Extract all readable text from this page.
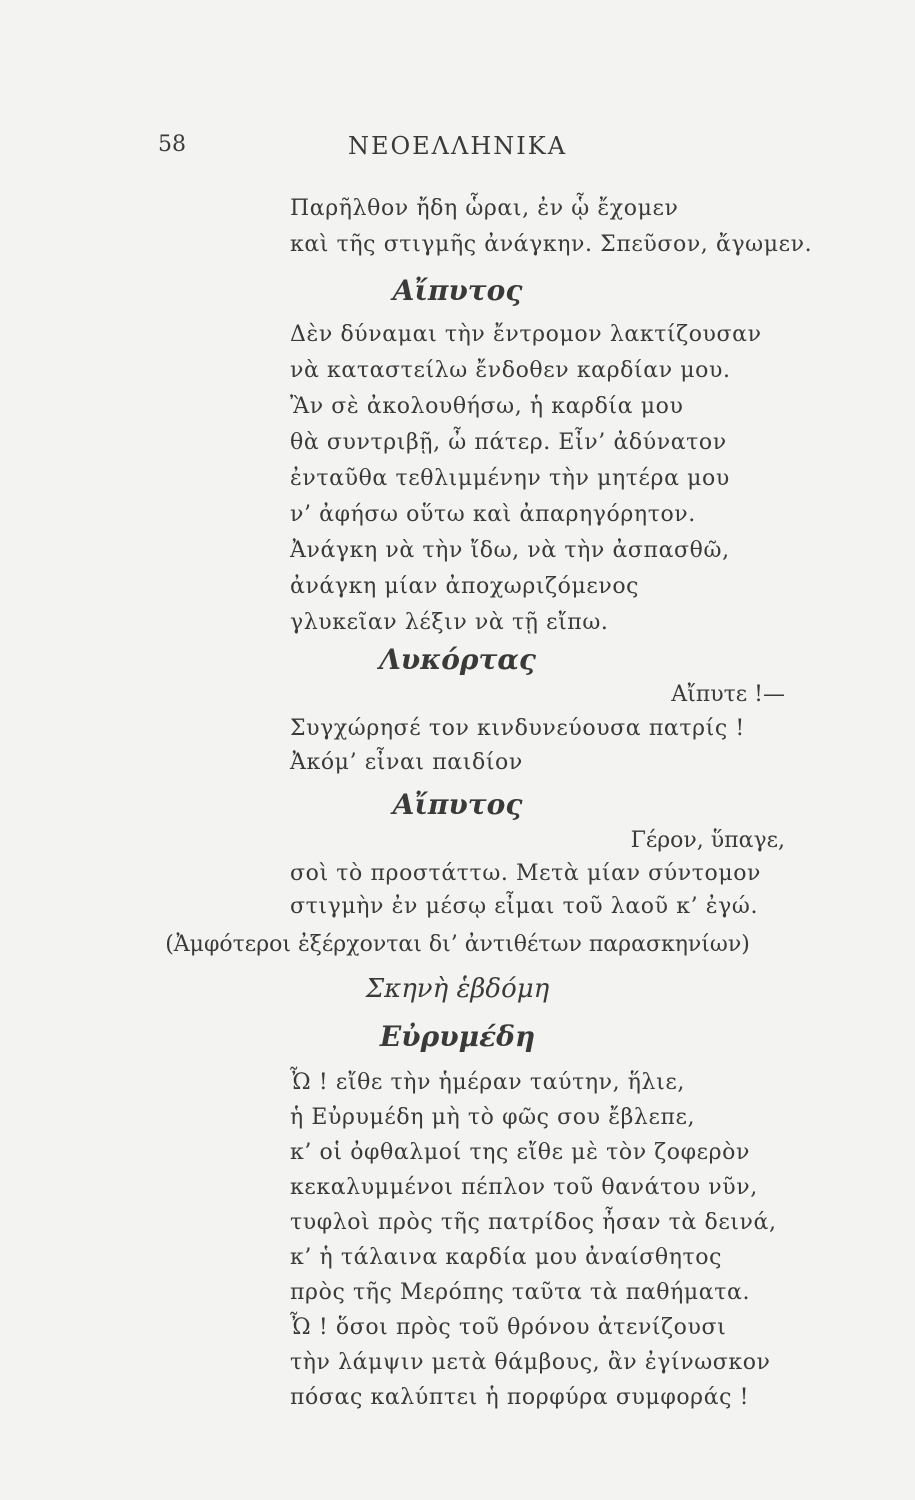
58	ΝΕΟΕΛΛΗΝΙΚΑ
Παρῆλθον ἤδη ὧραι, ἐν ᾧ ἔχομεν
καὶ τῆς στιγμῆς ἀνάγκην. Σπεῦσον, ἄγωμεν.
Αἴπυτος
Δὲν δύναμαι τὴν ἔντρομον λακτίζουσαν
νὰ καταστείλω ἔνδοθεν καρδίαν μου.
Ἂν σὲ ἀκολουθήσω, ἡ καρδία μου
θὰ συντριβῇ, ὦ πάτερ. Εἶν’ ἀδύνατον
ἐνταῦθα τεθλιμμένην τὴν μητέρα μου
ν’ ἀφήσω οὕτω καὶ ἀπαρηγόρητον.
Ἀνάγκη νὰ τὴν ἴδω, νὰ τὴν ἀσπασθῶ,
ἀνάγκη μίαν ἀποχωριζόμενος
γλυκεῖαν λέξιν νὰ τῇ εἴπω.
Λυκόρτας
Αἴπυτε !—
Συγχώρησέ τον κινδυνεύουσα πατρίς !
Ἀκόμ’ εἶναι παιδίον
Αἴπυτος
Γέρον, ὕπαγε,
σοὶ τὸ προστάττω. Μετὰ μίαν σύντομον
στιγμὴν ἐν μέσῳ εἶμαι τοῦ λαοῦ κ’ ἐγώ.
(Ἀμφότεροι ἐξέρχονται δι’ ἀντιθέτων παρασκηνίων)
Σκηνὴ ἑβδόμη
Εὐρυμέδη
Ὦ ! εἴθε τὴν ἡμέραν ταύτην, ἥλιε,
ἡ Εὐρυμέδη μὴ τὸ φῶς σου ἔβλεπε,
κ’ οἱ ὀφθαλμοί της εἴθε μὲ τὸν ζοφερὸν
κεκαλυμμένοι πέπλον τοῦ θανάτου νῦν,
τυφλοὶ πρὸς τῆς πατρίδος ἦσαν τὰ δεινά,
κ’ ἡ τάλαινα καρδία μου ἀναίσθητος
πρὸς τῆς Μερόπης ταῦτα τὰ παθήματα.
Ὦ ! ὅσοι πρὸς τοῦ θρόνου ἀτενίζουσι
τὴν λάμψιν μετὰ θάμβους, ἂν ἐγίνωσκον
πόσας καλύπτει ἡ πορφύρα συμφοράς !
